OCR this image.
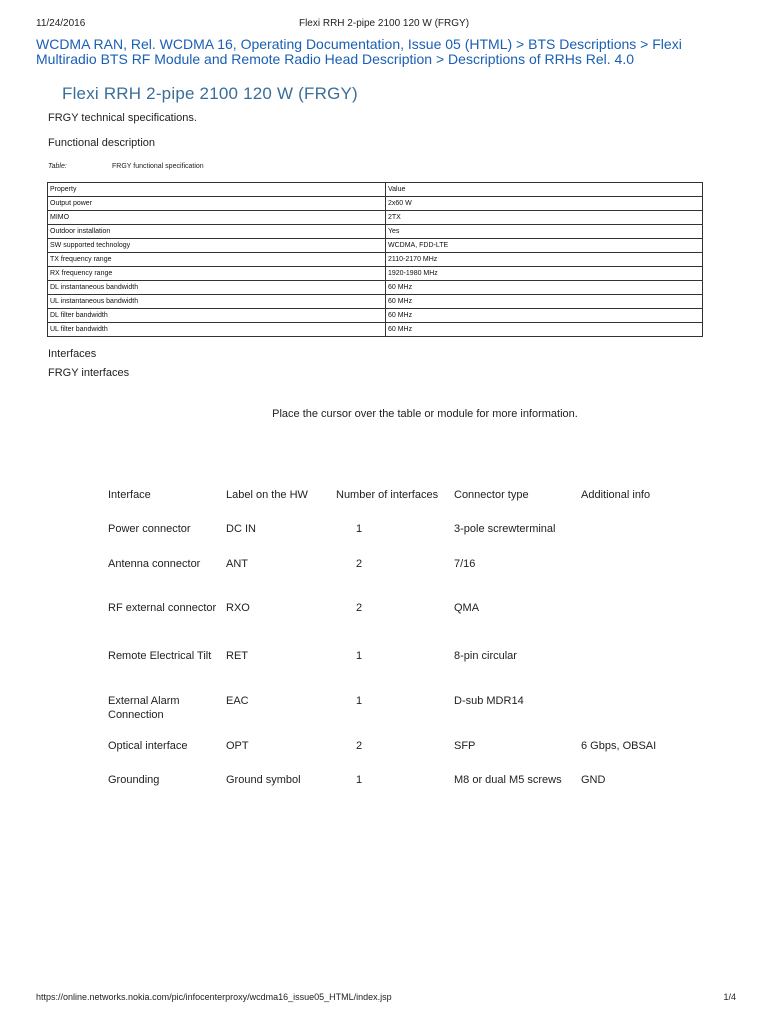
11/24/2016	Flexi RRH 2-pipe 2100 120 W (FRGY)
WCDMA RAN, Rel. WCDMA 16, Operating Documentation, Issue 05 (HTML) > BTS Descriptions > Flexi Multiradio BTS RF Module and Remote Radio Head Description > Descriptions of RRHs Rel. 4.0
Flexi RRH 2-pipe 2100 120 W (FRGY)
FRGY technical specifications.
Functional description
Table:	FRGY functional specification
Property	Value
Output power	2x60 W
MIMO	2TX
Outdoor installation	Yes
SW supported technology	WCDMA, FDD-LTE
TX frequency range	2110-2170 MHz
RX frequency range	1920-1980 MHz
DL instantaneous bandwidth	60 MHz
UL instantaneous bandwidth	60 MHz
DL filter bandwidth	60 MHz
UL filter bandwidth	60 MHz
Interfaces
FRGY interfaces
Place the cursor over the table or module for more information.
Interface	Label on the HW	Number of interfaces	Connector type	Additional info
Power connector	DC IN	1	3-pole screwterminal	
Antenna connector	ANT	2	7/16	
RF external connector	RXO	2	QMA	
Remote Electrical Tilt	RET	1	8-pin circular	
External Alarm Connection	EAC	1	D-sub MDR14	
Optical interface	OPT	2	SFP	6 Gbps, OBSAI
Grounding	Ground symbol	1	M8 or dual M5 screws	GND
https://online.networks.nokia.com/pic/infocenterproxy/wcdma16_issue05_HTML/index.jsp	1/4
